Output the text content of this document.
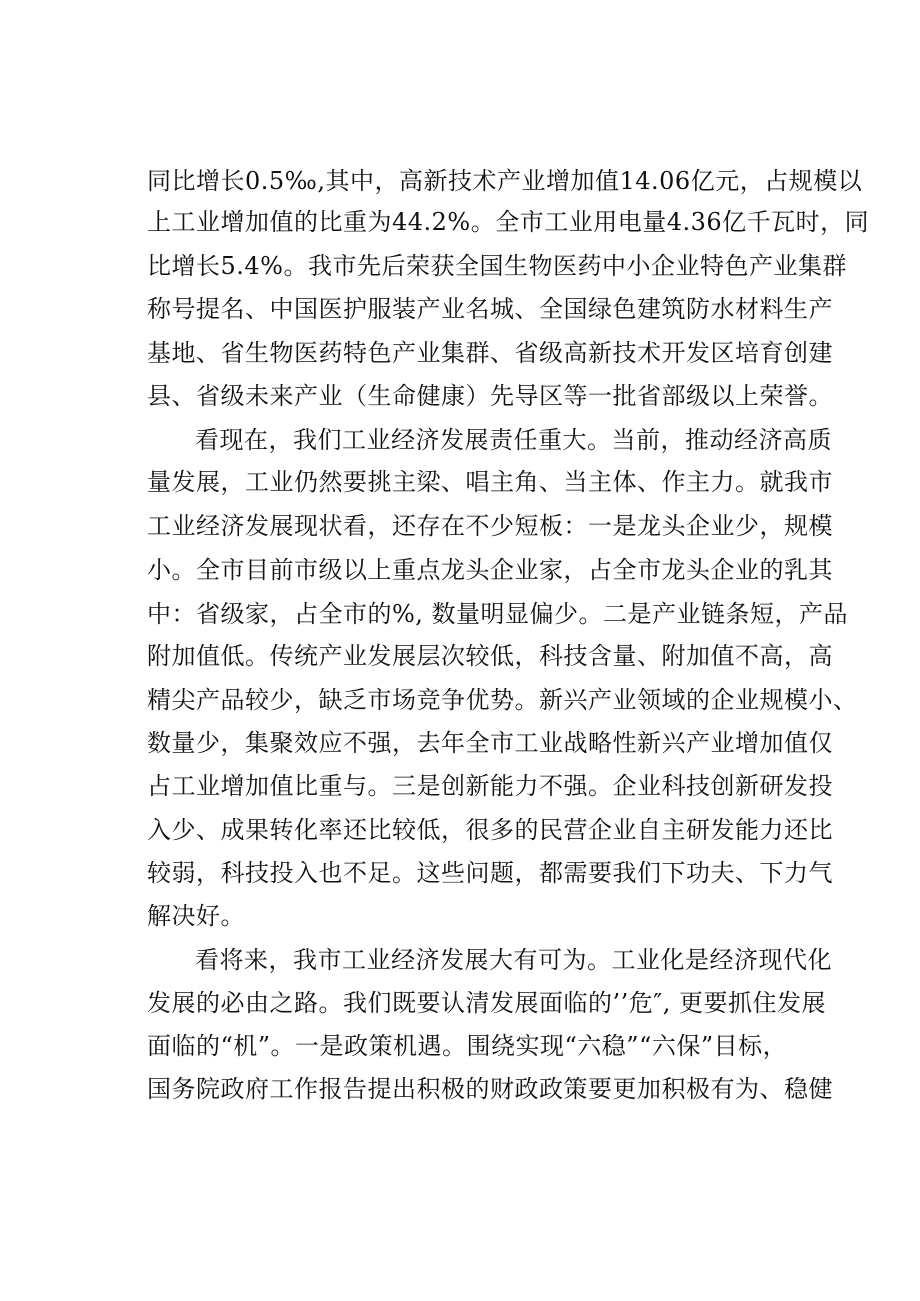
同比增长0.5‰,其中，高新技术产业增加值14.06亿元，占规模以
上工业增加值的比重为44.2%。全市工业用电量4.36亿千瓦时，同
比增长5.4%。我市先后荣获全国生物医药中小企业特色产业集群
称号提名、中国医护服装产业名城、全国绿色建筑防水材料生产
基地、省生物医药特色产业集群、省级高新技术开发区培育创建
县、省级未来产业（生命健康）先导区等一批省部级以上荣誉。
看现在，我们工业经济发展责任重大。当前，推动经济高质
量发展，工业仍然要挑主梁、唱主角、当主体、作主力。就我市
工业经济发展现状看，还存在不少短板：一是龙头企业少，规模
小。全市目前市级以上重点龙头企业家，占全市龙头企业的乳其
中：省级家，占全市的%, 数量明显偏少。二是产业链条短，产品
附加值低。传统产业发展层次较低，科技含量、附加值不高，高
精尖产品较少，缺乏市场竞争优势。新兴产业领域的企业规模小、
数量少，集聚效应不强，去年全市工业战略性新兴产业增加值仅
占工业增加值比重与。三是创新能力不强。企业科技创新研发投
入少、成果转化率还比较低，很多的民营企业自主研发能力还比
较弱，科技投入也不足。这些问题，都需要我们下功夫、下力气
解决好。
看将来，我市工业经济发展大有可为。工业化是经济现代化
发展的必由之路。我们既要认清发展面临的’’危″, 更要抓住发展
面临的“机”。一是政策机遇。围绕实现“六稳”“六保”目标，
国务院政府工作报告提出积极的财政政策要更加积极有为、稳健
